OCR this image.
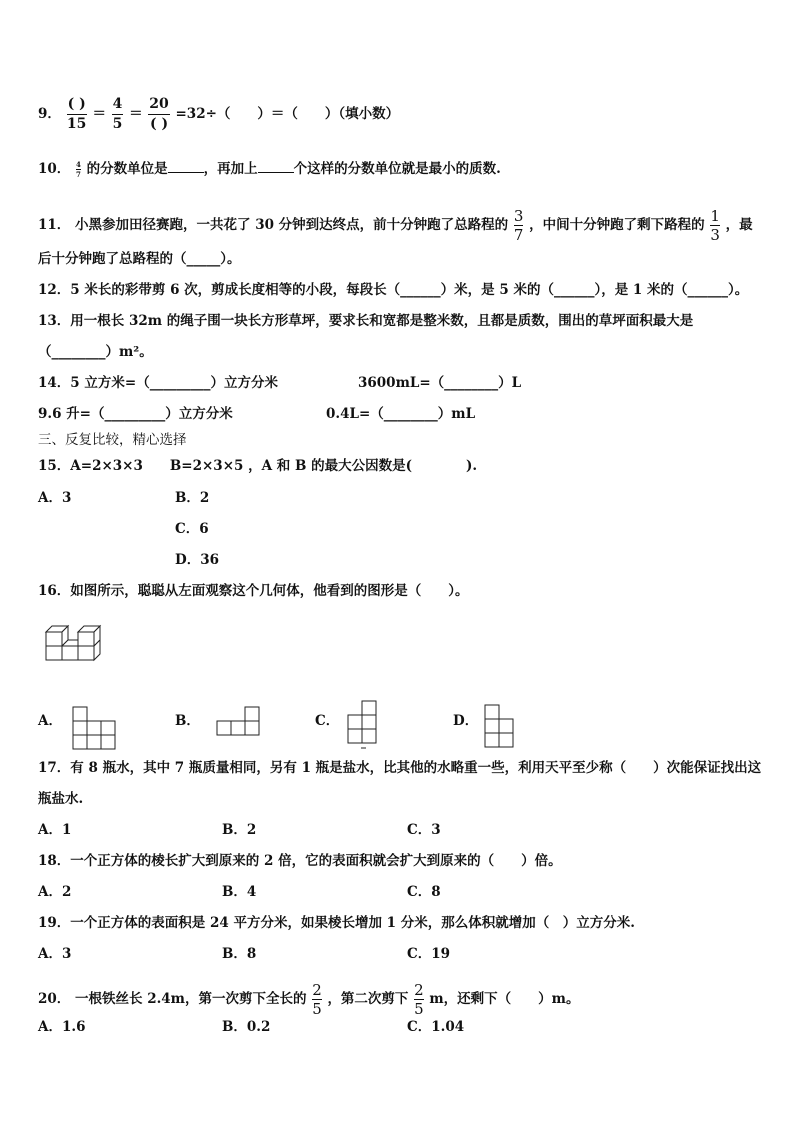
9． $\frac{( )}{15} = \frac{4}{5} = \frac{20}{( )} =32\div$（　　）＝（　　）（填小数）
10． $\frac{4}{7}$ 的分数单位是	，再加上	个这样的分数单位就是最小的质数.
11． 小黑参加田径赛跑，一共花了 30 分钟到达终点，前十分钟跑了总路程的 $\frac{3}{7}$ ，中间十分钟跑了剩下路程的 $\frac{1}{3}$ ，最
后十分钟跑了总路程的（_____）。
12．5 米长的彩带剪 6 次，剪成长度相等的小段，每段长（______）米，是 5 米的（______），是 1 米的（______）。
13．用一根长 32m 的绳子围一块长方形草坪，要求长和宽都是整米数，且都是质数，围出的草坪面积最大是
（________）m²。
14．5 立方米=（_________）立方分米	3600mL=（________）L
9.6 升=（_________）立方分米	0.4L=（________）mL
三、反复比较，精心选择
15．A=2×3×3　　B=2×3×5 ，A 和 B 的最大公因数是(　　　　).
A．3	B．2
C．6
D．36
16．如图所示，聪聪从左面观察这个几何体，他看到的图形是（　　）。
A．	B．	C．	D．
17．有 8 瓶水，其中 7 瓶质量相同，另有 1 瓶是盐水，比其他的水略重一些，利用天平至少称（　　）次能保证找出这
瓶盐水.
A．1	B．2	C．3
18．一个正方体的棱长扩大到原来的 2 倍，它的表面积就会扩大到原来的（　　）倍。
A．2	B．4	C．8
19．一个正方体的表面积是 24 平方分米，如果棱长增加 1 分米，那么体积就增加（　）立方分米.
A．3	B．8	C．19
20． 一根铁丝长 2.4m，第一次剪下全长的 $\frac{2}{5}$ ，第二次剪下 $\frac{2}{5}$ m，还剩下（　　）m。
A．1.6	B．0.2	C．1.04
